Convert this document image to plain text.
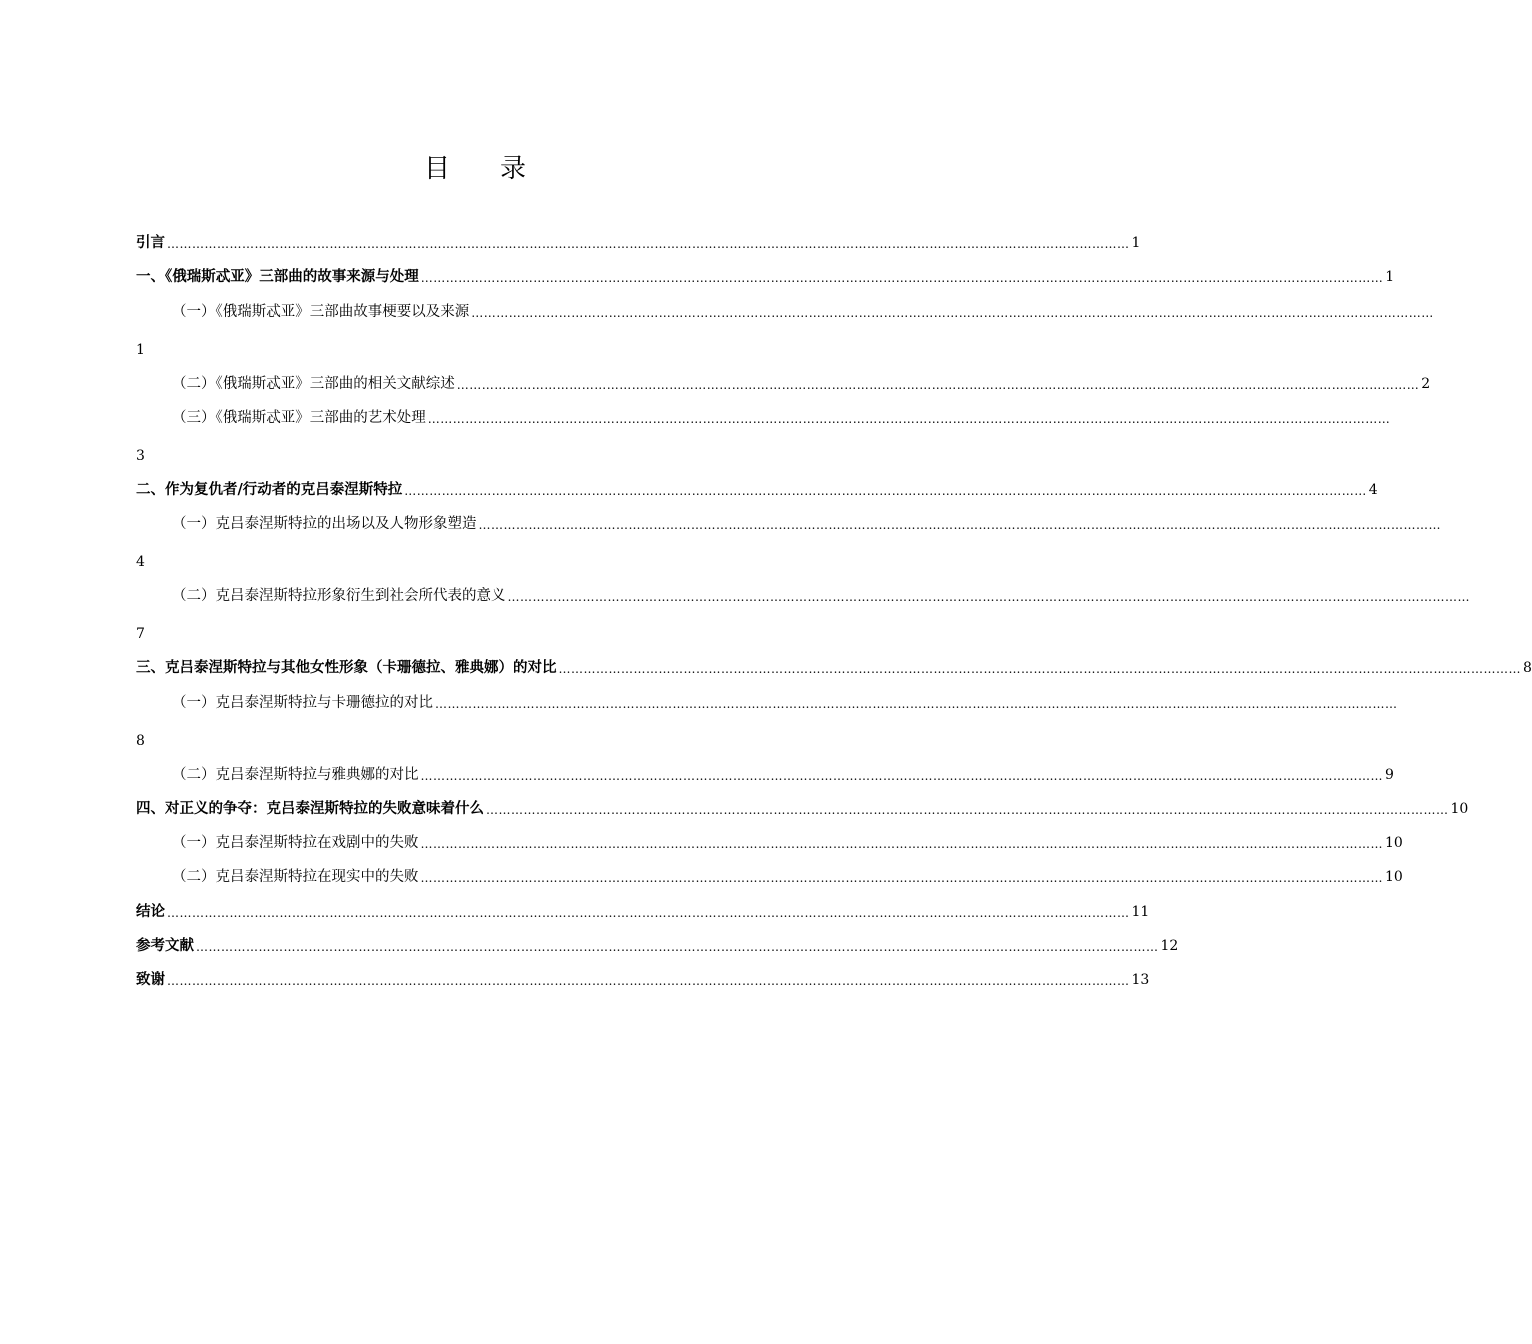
目 录
引言 …………………………………………………………………………………………………………………………………………………………………………………………………………… 1
一、《俄瑞斯忒亚》三部曲的故事来源与处理 …………………………………………………………………………………………………………………………………………………………………………………………………………… 1
（一）《俄瑞斯忒亚》三部曲故事梗要以及来源 ……………………………………………………………………………………………………………………………………………………………………………………………………………
1
（二）《俄瑞斯忒亚》三部曲的相关文献综述 …………………………………………………………………………………………………………………………………………………………………………………………………………… 2
（三）《俄瑞斯忒亚》三部曲的艺术处理 ……………………………………………………………………………………………………………………………………………………………………………………………………………
3
二、作为复仇者/行动者的克吕泰涅斯特拉 …………………………………………………………………………………………………………………………………………………………………………………………………………… 4
（一）克吕泰涅斯特拉的出场以及人物形象塑造 ……………………………………………………………………………………………………………………………………………………………………………………………………………
4
（二）克吕泰涅斯特拉形象衍生到社会所代表的意义 ……………………………………………………………………………………………………………………………………………………………………………………………………………
7
三、克吕泰涅斯特拉与其他女性形象（卡珊德拉、雅典娜）的对比 …………………………………………………………………………………………………………………………………………………………………………………………………………… 8
（一）克吕泰涅斯特拉与卡珊德拉的对比 ……………………………………………………………………………………………………………………………………………………………………………………………………………
8
（二）克吕泰涅斯特拉与雅典娜的对比 …………………………………………………………………………………………………………………………………………………………………………………………………………… 9
四、对正义的争夺：克吕泰涅斯特拉的失败意味着什么 …………………………………………………………………………………………………………………………………………………………………………………………………………… 10
（一）克吕泰涅斯特拉在戏剧中的失败 …………………………………………………………………………………………………………………………………………………………………………………………………………… 10
（二）克吕泰涅斯特拉在现实中的失败 …………………………………………………………………………………………………………………………………………………………………………………………………………… 10
结论 …………………………………………………………………………………………………………………………………………………………………………………………………………… 11
参考文献 …………………………………………………………………………………………………………………………………………………………………………………………………………… 12
致谢 …………………………………………………………………………………………………………………………………………………………………………………………………………… 13
